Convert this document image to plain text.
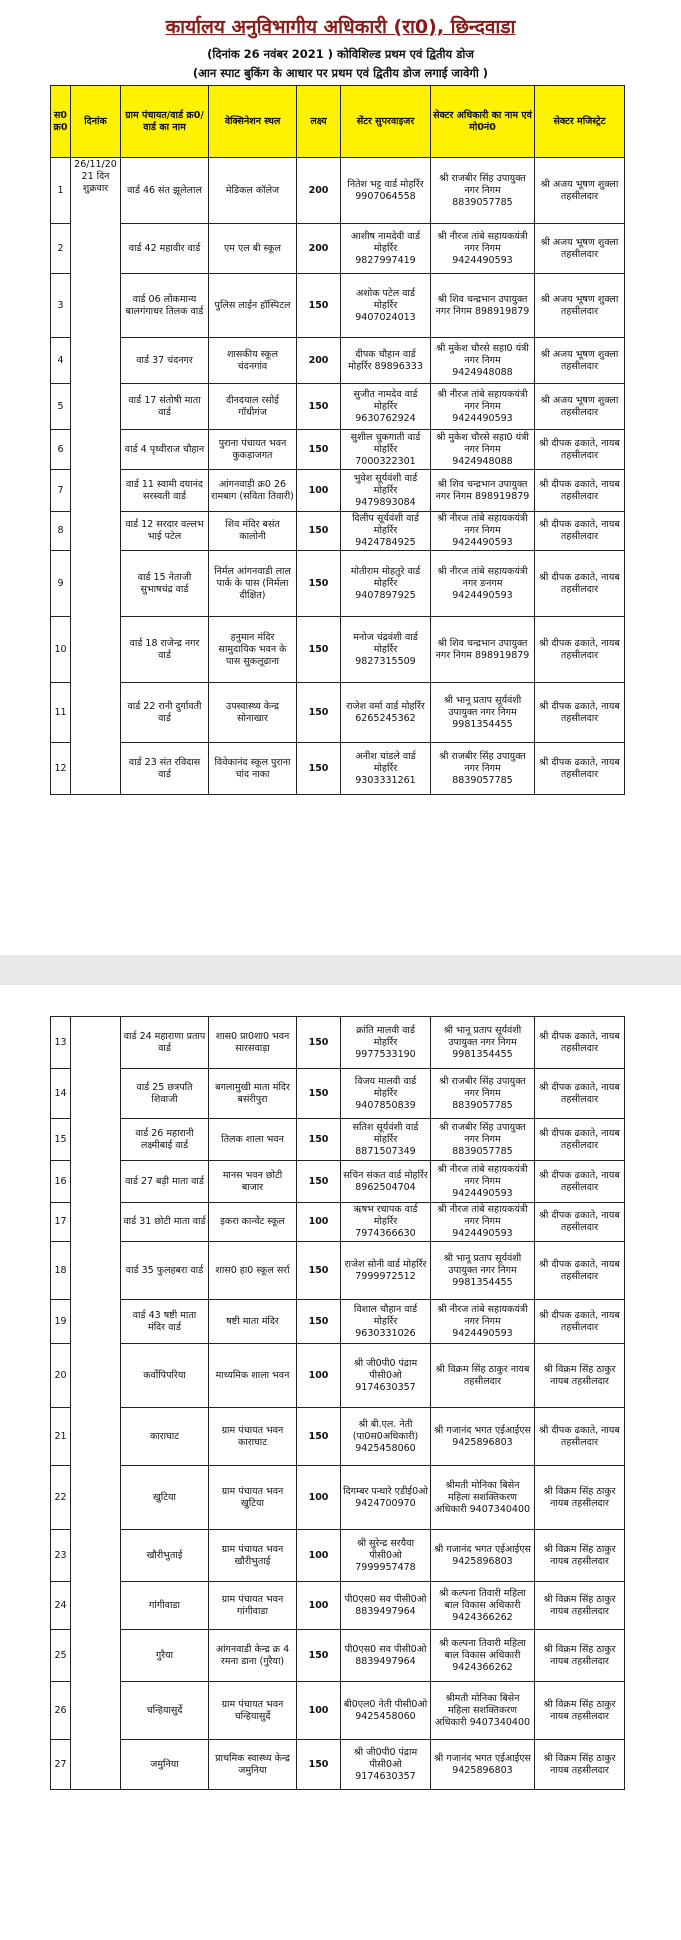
कार्यालय अनुविभागीय अधिकारी (रा0), छिन्दवाडा
(दिनांक 26 नवंबर 2021 ) कोविशिल्ड प्रथम एवं द्वितीय डोज
(आन स्पाट बुकिंग के आधार पर प्रथम एवं द्वितीय डोज लगाई जावेगी )
स0 क्र0	दिनांक	ग्राम पंचायत/वार्ड क्र0/वार्ड का नाम	वेक्सिनेशन स्थल	लक्ष्य	सेंटर सुपरवाइजर	सेक्टर अधिकारी का नाम एवं मो0नं0	सेक्टर मजिस्ट्रेट
1	26/11/2021 दिन शुक्रवार	वार्ड 46 संत झूलेलाल	मेडिकल कॉलेज	200	नितेश भट्ट वार्ड मोहर्रिर 9907064558	श्री राजबीर सिंह उपायुक्त नगर निगम 8839057785	श्री अजय भूषण शुक्ला तहसीलदार
2		वार्ड 42 महावीर वार्ड	एम एल बी स्कूल	200	आशीष नामदेवी वार्ड मोहर्रिर 9827997419	श्री नीरज तांबे सहायकयंत्री नगर निगम 9424490593	श्री अजय भूषण शुक्ला तहसीलदार
3		वार्ड 06 लोकमान्य बालगंगाधर तिलक वार्ड	पुलिस लाईन हॉस्पिटल	150	अशोक पटेल वार्ड मोहर्रिर 9407024013	श्री शिव चन्द्रभान उपायुक्त नगर निगम 898919879	श्री अजय भूषण शुक्ला तहसीलदार
4		वार्ड 37 चंदनगर	शासकीय स्कूल चंदनगांव	200	दीपक चौहान वार्ड मोहर्रिर 89896333	श्री मुकेश चौरसे सहा0 यंत्री नगर निगम 9424948088	श्री अजय भूषण शुक्ला तहसीलदार
5		वार्ड 17 संतोषी माता वार्ड	दीनदयाल रसोई गॉधीगंज	150	सुजीत नामदेव वार्ड मोहर्रिर 9630762924	श्री नीरज तांबे सहायकयंत्री नगर निगम 9424490593	श्री अजय भूषण शुक्ला तहसीलदार
6		वार्ड 4 पृथ्वीराज चौहान	पुराना पंचायत भवन कुकड़ाजगत	150	सुशील चुकगाती वार्ड मोहर्रिर 7000322301	श्री मुकेश चौरसे सहा0 यंत्री नगर निगम 9424948088	श्री दीपक ढकाते, नायब तहसीलदार
7		वार्ड 11 स्वामी दयानंद सरस्वती वार्ड	आंगनवाड़ी क्र0 26 रामबाग (सविता तिवारी)	100	भुवेश सूर्यवंशी वार्ड मोहर्रिर 9479893084	श्री शिव चन्द्रभान उपायुक्त नगर निगम 898919879	श्री दीपक ढकाते, नायब तहसीलदार
8		वार्ड 12 सरदार वल्लभ भाई पटेल	शिव मंदिर बसंत कालोनी	150	दिलीप सूर्यवंशी वार्ड मोहर्रिर 9424784925	श्री नीरज तांबे सहायकयंत्री नगर निगम 9424490593	श्री दीपक ढकाते, नायब तहसीलदार
9		वार्ड 15 नेताजी सुभाषचंद्र वार्ड	निर्मल आंगनवाडी लाल पार्क के पास (निर्मला दीक्षित)	150	मोतीराम मोहतुरे वार्ड मोहर्रिर 9407897925	श्री नीरज तांबे सहायकयंत्री नगर ङनगम 9424490593	श्री दीपक ढकाते, नायब तहसीलदार
10		वार्ड 18 राजेन्द्र नगर वार्ड	हनुमान मंदिर सामुदायिक भवन के पास सुकलूढाना	150	मनोज चंद्रवंशी वार्ड मोहर्रिर 9827315509	श्री शिव चन्द्रभान उपायुक्त नगर निगम 898919879	श्री दीपक ढकाते, नायब तहसीलदार
11		वार्ड 22 रानी दुर्गावती वार्ड	उपस्वास्थ्य केन्द्र सोनाखार	150	राजेश वर्मा वार्ड मोहर्रिर 6265245362	श्री भानू प्रताप सूर्यवंशी उपायुक्त नगर निगम 9981354455	श्री दीपक ढकाते, नायब तहसीलदार
12		वार्ड 23 संत रविदास वार्ड	विवेकानंद स्कूल पुराना चांद नाका	150	अनीश चांडले वार्ड मोहर्रिर 9303331261	श्री राजबीर सिंह उपायुक्त नगर निगम 8839057785	श्री दीपक ढकाते, नायब तहसीलदार
13		वार्ड 24 महाराणा प्रताप वार्ड	शास0 प्रा0शा0 भवन सारसवाड़ा	150	क्रांति मालवी वार्ड मोहर्रिर 9977533190	श्री भानू प्रताप सूर्यवंशी उपायुक्त नगर निगम 9981354455	श्री दीपक ढकाते, नायब तहसीलदार
14		वार्ड 25 छत्रपति शिवाजी	बगलामुखी माता मंदिर बसंरीपुरा	150	विजय मालवी वार्ड मोहर्रिर 9407850839	श्री राजबीर सिंह उपायुक्त नगर निगम 8839057785	श्री दीपक ढकाते, नायब तहसीलदार
15		वार्ड 26 महारानी लक्ष्मीबाई वार्ड	तिलक शाला भवन	150	सतिश सूर्यवंशी वार्ड मोहर्रिर 8871507349	श्री राजबीर सिंह उपायुक्त नगर निगम 8839057785	श्री दीपक ढकाते, नायब तहसीलदार
16		वार्ड 27 बड़ी माता वार्ड	मानस भवन छोटी बाजार	150	सचिन संकत वार्ड मोहर्रिर 8962504704	श्री नीरज तांबे सहायकयंत्री नगर निगम 9424490593	श्री दीपक ढकाते, नायब तहसीलदार
17		वार्ड 31 छोटी माता वार्ड	इकरा कान्वेंट स्कूल	100	ऋषभ रधापक वार्ड मोहर्रिर 7974366630	श्री नीरज तांबे सहायकयंत्री नगर निगम 9424490593	श्री दीपक ढकाते, नायब तहसीलदार
18		वार्ड 35 फुलहबरा वार्ड	शास0 हा0 स्कूल सर्रा	150	राजेश सोनी वार्ड मोहर्रिर 7999972512	श्री भानू प्रताप सूर्यवंशी उपायुक्त नगर निगम 9981354455	श्री दीपक ढकाते, नायब तहसीलदार
19		वार्ड 43 षष्टी माता मंदिर वार्ड	षष्टी माता मंदिर	150	विशाल चौहान वार्ड मोहर्रिर 9630331026	श्री नीरज तांबे सहायकयंत्री नगर निगम 9424490593	श्री दीपक ढकाते, नायब तहसीलदार
20		कर्वोपिपरिया	माध्यमिक शाला भवन	100	श्री जी0पी0 पंद्राम पीसी0ओ 9174630357	श्री विक्रम सिंह ठाकुर नायब तहसीलदार	श्री विक्रम सिंह ठाकुर नायब तहसीलदार
21		काराघाट	ग्राम पंचायत भवन काराघाट	150	श्री बी.एल. नेती (पा0स0अधिकारी) 9425458060	श्री गजानंद भगत एईआईएस 9425896803	श्री दीपक ढकाते, नायब तहसीलदार
22		खुटिया	ग्राम पंचायत भवन खुटिया	100	दिगम्बर पन्धारे एडीई0ओ 9424700970	श्रीमती मोनिका बिसेन महिला सशक्तिकरण अधिकारी 9407340400	श्री विक्रम सिंह ठाकुर नायब तहसीलदार
23		खौरीभुताई	ग्राम पंचायत भवन खौरीभुताई	100	श्री सुरेन्द्र सरयैया पीसी0ओ 7999957478	श्री गजानंद भगत एईआईएस 9425896803	श्री विक्रम सिंह ठाकुर नायब तहसीलदार
24		गांगीवाडा	ग्राम पंचायत भवन गांगीवाडा	100	पी0एस0 सव पीसी0ओ 8839497964	श्री कल्पना तिवारी महिला बाल विकास अधिकारी 9424366262	श्री विक्रम सिंह ठाकुर नायब तहसीलदार
25		गुरैया	आंगनवाडी केन्द्र क्र 4 रमना डाना (गुरैया)	150	पी0एस0 सव पीसी0ओ 8839497964	श्री कल्पना तिवारी महिला बाल विकास अधिकारी 9424366262	श्री विक्रम सिंह ठाकुर नायब तहसीलदार
26		चन्हियासुर्दे	ग्राम पंचायत भवन चन्हियासुर्दे	100	बी0एल0 नेती पीसी0ओ 9425458060	श्रीमती मोनिका बिसेन महिला सशक्तिकरण अधिकारी 9407340400	श्री विक्रम सिंह ठाकुर नायब तहसीलदार
27		जमुनिया	प्राथमिक स्वास्थ्य केन्द्र जमुनिया	150	श्री जी0पी0 पंद्राम पीसी0ओ 9174630357	श्री गजानंद भगत एईआईएस 9425896803	श्री विक्रम सिंह ठाकुर नायब तहसीलदार
